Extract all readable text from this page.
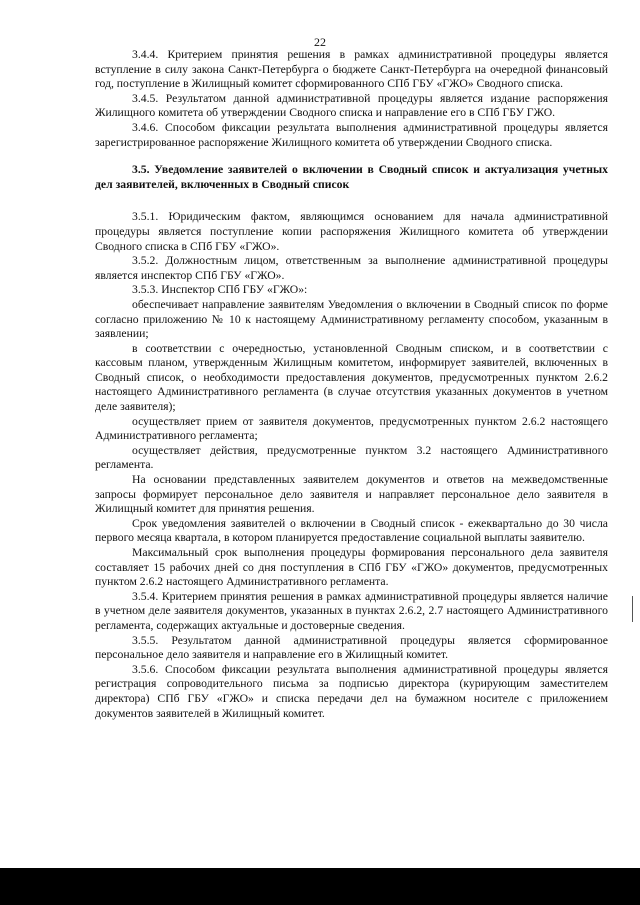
22

3.4.4. Критерием принятия решения в рамках административной процедуры является вступление в силу закона Санкт-Петербурга о бюджете Санкт-Петербурга на очередной финансовый год, поступление в Жилищный комитет сформированного СПб ГБУ «ГЖО» Сводного списка.

3.4.5. Результатом данной административной процедуры является издание распоряжения Жилищного комитета об утверждении Сводного списка и направление его в СПб ГБУ ГЖО.

3.4.6. Способом фиксации результата выполнения административной процедуры является зарегистрированное распоряжение Жилищного комитета об утверждении Сводного списка.

3.5. Уведомление заявителей о включении в Сводный список и актуализация учетных дел заявителей, включенных в Сводный список

3.5.1. Юридическим фактом, являющимся основанием для начала административной процедуры является поступление копии распоряжения Жилищного комитета об утверждении Сводного списка в СПб ГБУ «ГЖО».

3.5.2. Должностным лицом, ответственным за выполнение административной процедуры является инспектор СПб ГБУ «ГЖО».

3.5.3. Инспектор СПб ГБУ «ГЖО»:

обеспечивает направление заявителям Уведомления о включении в Сводный список по форме согласно приложению № 10 к настоящему Административному регламенту способом, указанным в заявлении;

в соответствии с очередностью, установленной Сводным списком, и в соответствии с кассовым планом, утвержденным Жилищным комитетом, информирует заявителей, включенных в Сводный список, о необходимости предоставления документов, предусмотренных пунктом 2.6.2 настоящего Административного регламента (в случае отсутствия указанных документов в учетном деле заявителя);

осуществляет прием от заявителя документов, предусмотренных пунктом 2.6.2 настоящего Административного регламента;

осуществляет действия, предусмотренные пунктом 3.2 настоящего Административного регламента.

На основании представленных заявителем документов и ответов на межведомственные запросы формирует персональное дело заявителя и направляет персональное дело заявителя в Жилищный комитет для принятия решения.

Срок уведомления заявителей о включении в Сводный список - ежеквартально до 30 числа первого месяца квартала, в котором планируется предоставление социальной выплаты заявителю.

Максимальный срок выполнения процедуры формирования персонального дела заявителя составляет 15 рабочих дней со дня поступления в СПб ГБУ «ГЖО» документов, предусмотренных пунктом 2.6.2 настоящего Административного регламента.

3.5.4. Критерием принятия решения в рамках административной процедуры является наличие в учетном деле заявителя документов, указанных в пунктах 2.6.2, 2.7 настоящего Административного регламента, содержащих актуальные и достоверные сведения.

3.5.5. Результатом данной административной процедуры является сформированное персональное дело заявителя и направление его в Жилищный комитет.

3.5.6. Способом фиксации результата выполнения административной процедуры является регистрация сопроводительного письма за подписью директора (курирующим заместителем директора) СПб ГБУ «ГЖО» и списка передачи дел на бумажном носителе с приложением документов заявителей в Жилищный комитет.
